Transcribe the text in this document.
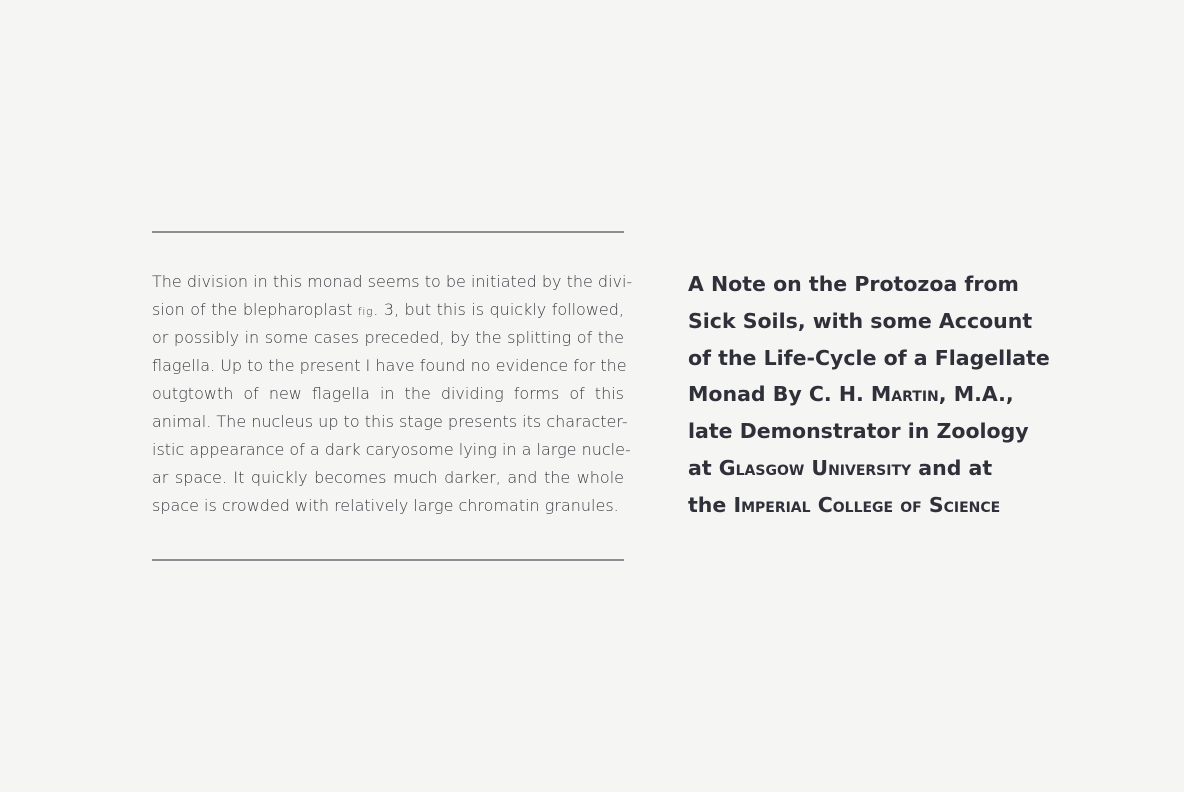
The division in this monad seems to be initiated by the divi-
sion of the blepharoplast fig. 3, but this is quickly followed,
or possibly in some cases preceded, by the splitting of the
flagella. Up to the present I have found no evidence for the
outgtowth of new flagella in the dividing forms of this
animal. The nucleus up to this stage presents its character-
istic appearance of a dark caryosome lying in a large nucle-
ar space. It quickly becomes much darker, and the whole
space is crowded with relatively large chromatin granules.

A Note on the Protozoa from
Sick Soils, with some Account
of the Life-Cycle of a Flagellate
Monad By C. H. Martin, M.A.,
late Demonstrator in Zoology
at Glasgow University and at
the Imperial College of Science
